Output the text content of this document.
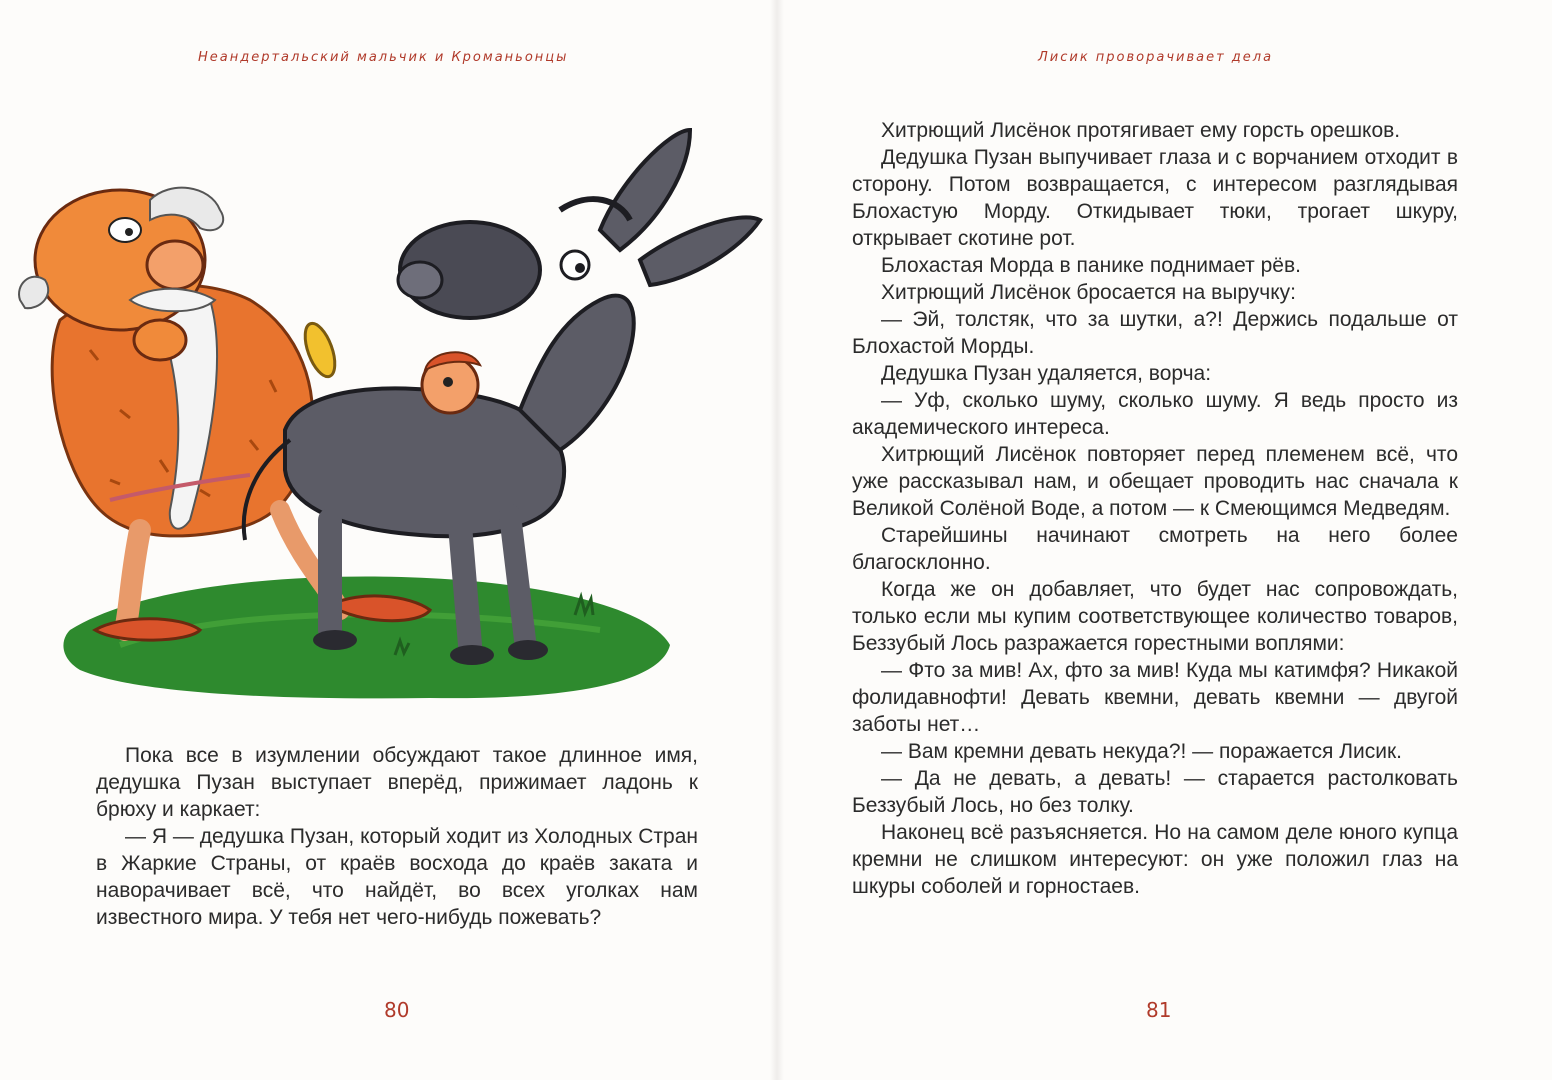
Неандертальский мальчик и Кроманьонцы

Пока все в изумлении обсуждают такое длинное имя, дедушка Пузан выступает вперёд, прижимает ладонь к брюху и каркает:

— Я — дедушка Пузан, который ходит из Холодных Стран в Жаркие Страны, от краёв восхода до краёв заката и наворачивает всё, что найдёт, во всех уголках нам известного мира. У тебя нет чего-нибудь пожевать?

80
Лисик проворачивает дела

Хитрющий Лисёнок протягивает ему горсть орешков.

Дедушка Пузан выпучивает глаза и с ворчанием отходит в сторону. Потом возвращается, с интересом разглядывая Блохастую Морду. Откидывает тюки, трогает шкуру, открывает скотине рот.

Блохастая Морда в панике поднимает рёв.

Хитрющий Лисёнок бросается на выручку:

— Эй, толстяк, что за шутки, а?! Держись подальше от Блохастой Морды.

Дедушка Пузан удаляется, ворча:

— Уф, сколько шуму, сколько шуму. Я ведь просто из академического интереса.

Хитрющий Лисёнок повторяет перед племенем всё, что уже рассказывал нам, и обещает проводить нас сначала к Великой Солёной Воде, а потом — к Смеющимся Медведям.

Старейшины начинают смотреть на него более благосклонно.

Когда же он добавляет, что будет нас сопровождать, только если мы купим соответствующее количество товаров, Беззубый Лось разражается горестными воплями:

— Фто за мив! Ах, фто за мив! Куда мы катимфя? Никакой фолидавнофти! Девать квемни, девать квемни — двугой заботы нет…

— Вам кремни девать некуда?! — поражается Лисик.

— Да не девать, а девать! — старается растолковать Беззубый Лось, но без толку.

Наконец всё разъясняется. Но на самом деле юного купца кремни не слишком интересуют: он уже положил глаз на шкуры соболей и горностаев.

81
